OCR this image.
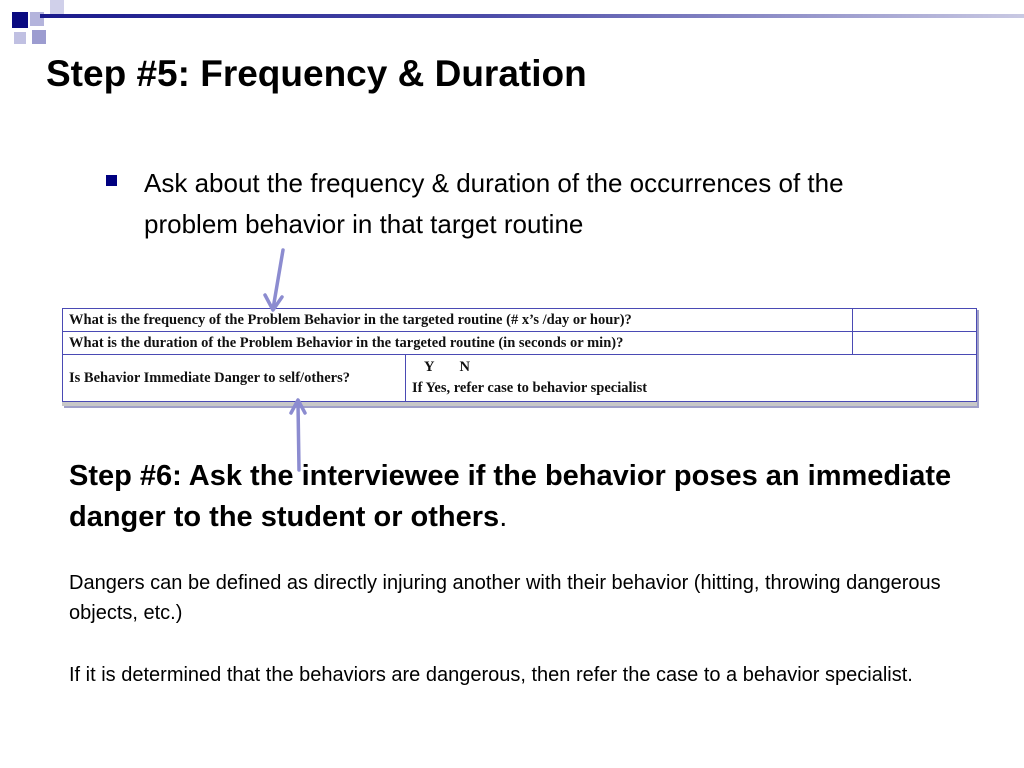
Step #5: Frequency & Duration
Ask about the frequency & duration of the occurrences of the problem behavior in that target routine
What is the frequency of the Problem Behavior in the targeted routine (# x’s /day or hour)?		
What is the duration of the Problem Behavior in the targeted routine (in seconds or min)?		

Is Behavior Immediate Danger to self/others?	Y N
If Yes, refer case to behavior specialist	

Step #6: Ask the interviewee if the behavior poses an immediate danger to the student or others.

Dangers can be defined as directly injuring another with their behavior (hitting, throwing dangerous objects, etc.)

If it is determined that the behaviors are dangerous, then refer the case to a behavior specialist.
